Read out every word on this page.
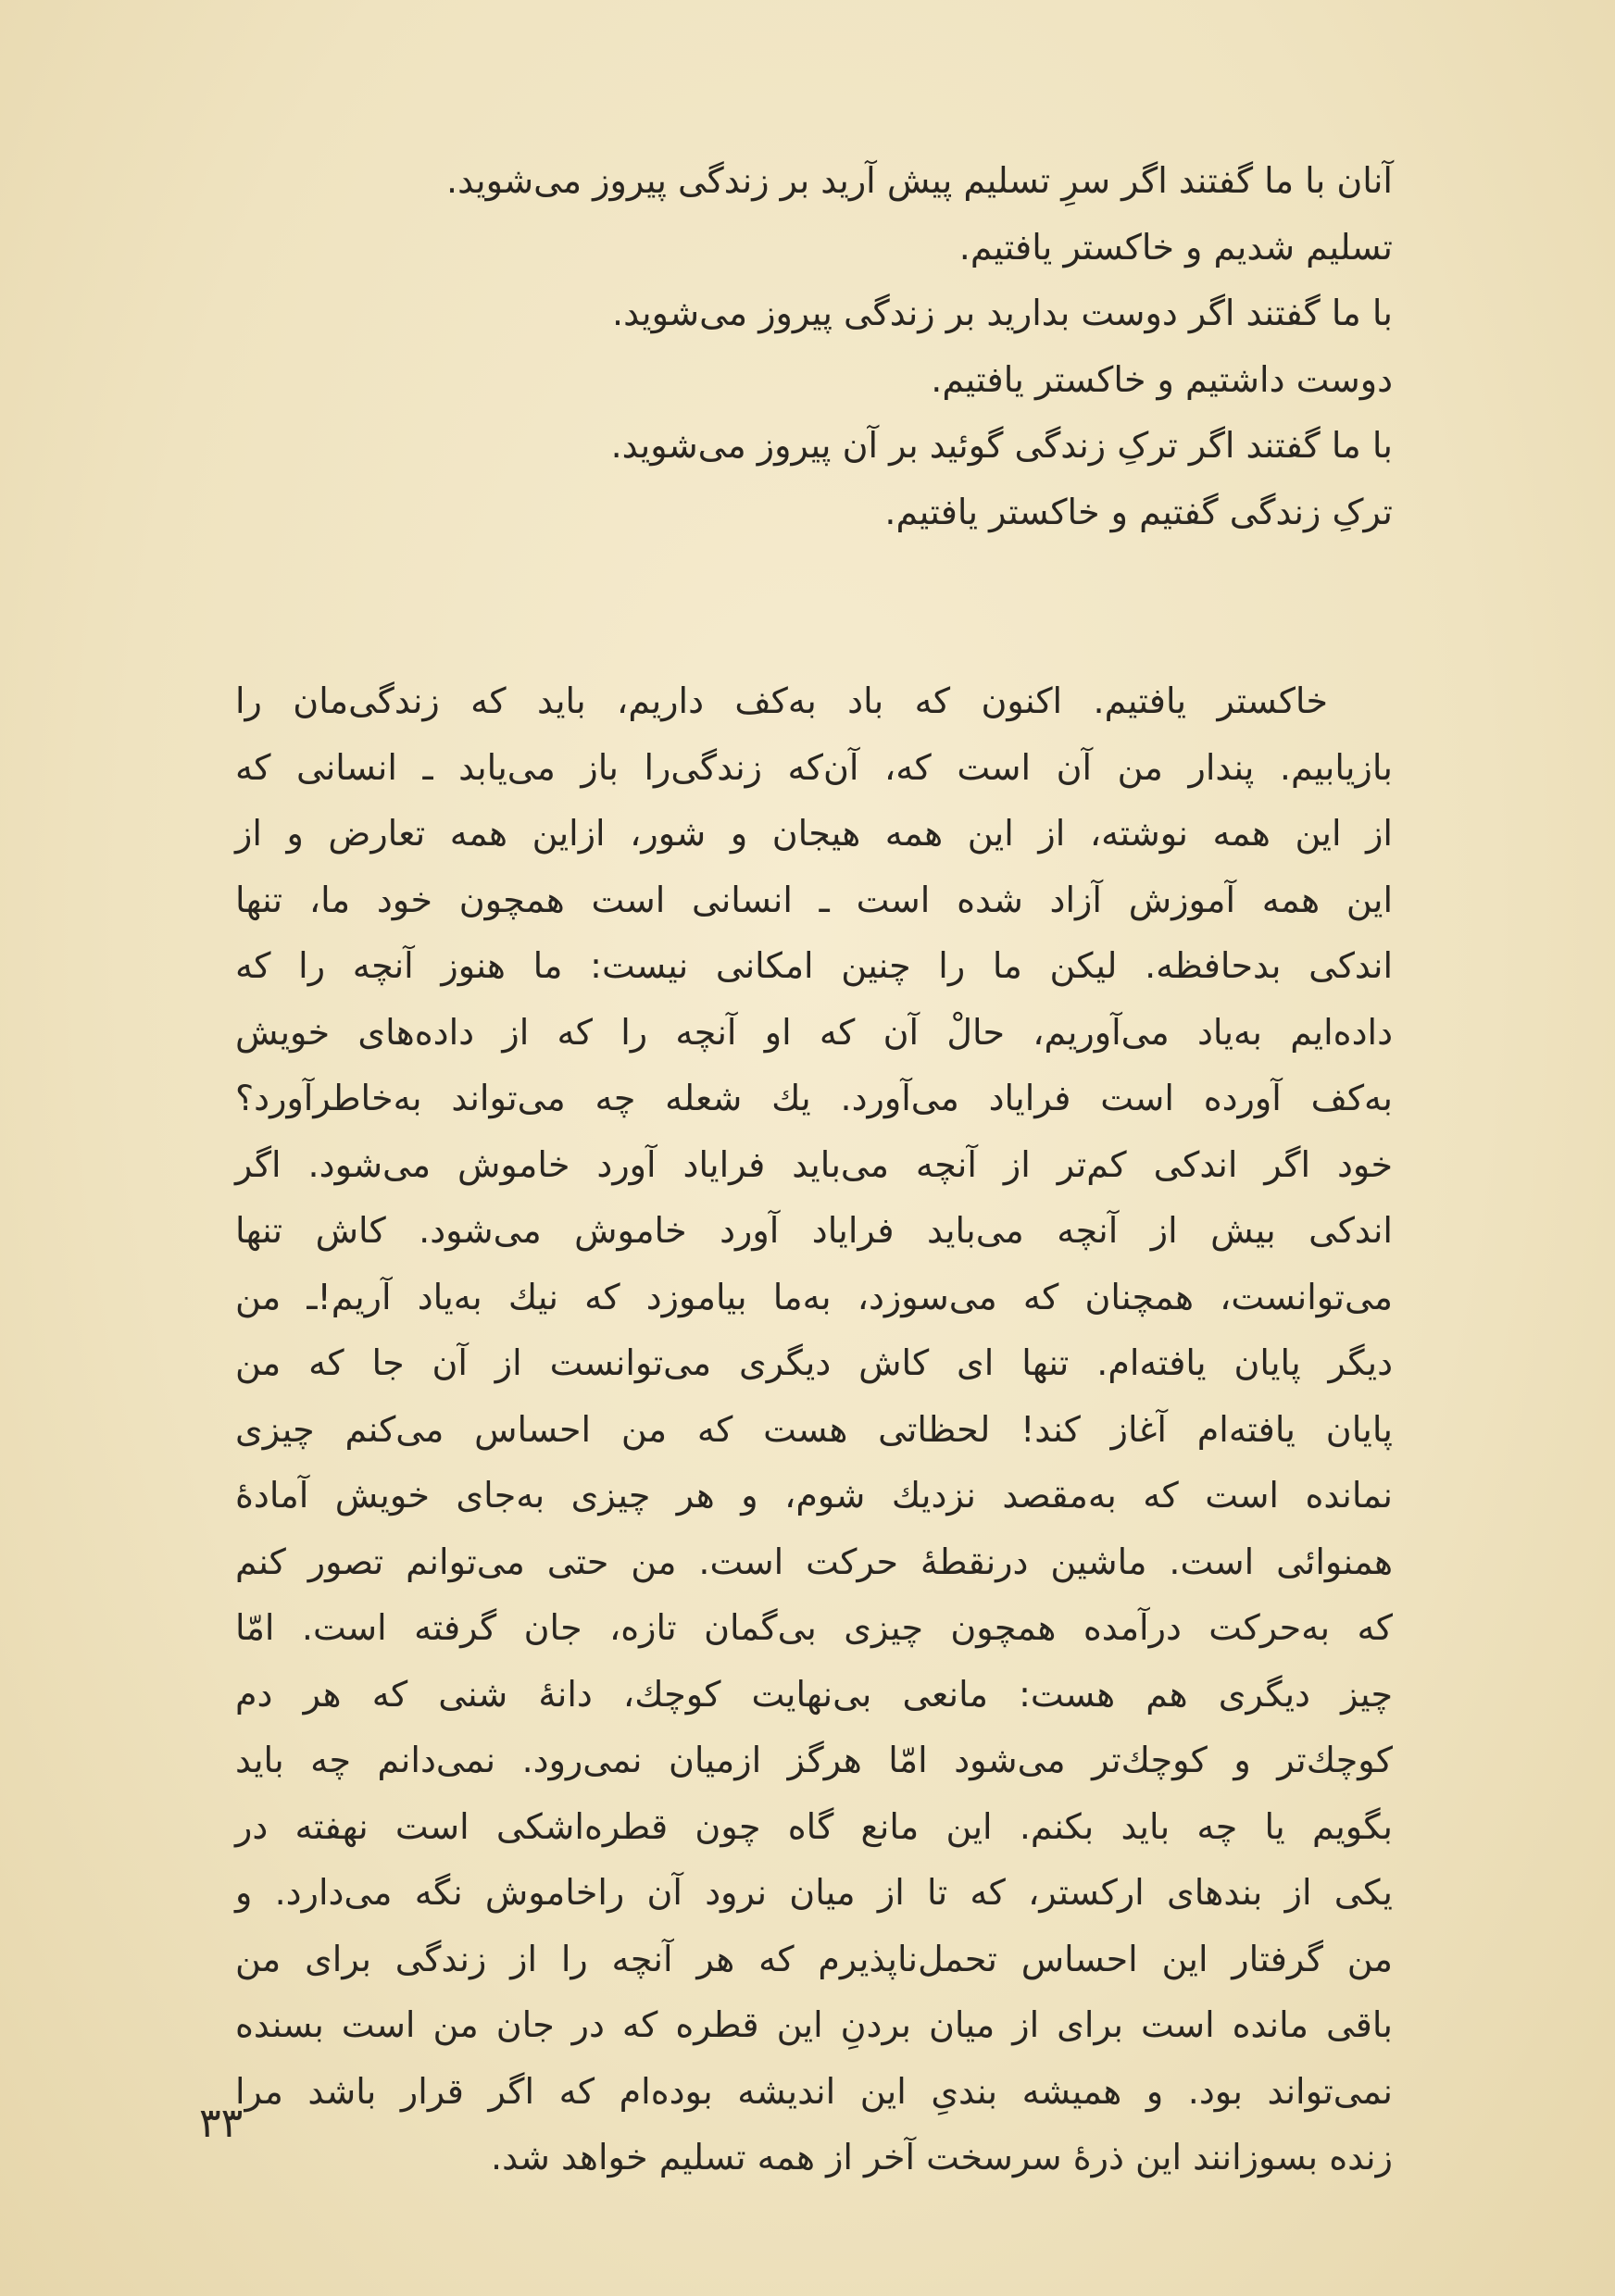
آنان با ما گفتند اگر سرِ تسلیم پیش آرید بر زندگی پیروز می‌شوید.
تسلیم شدیم و خاکستر یافتیم.
با ما گفتند اگر دوست بدارید بر زندگی پیروز می‌شوید.
دوست داشتیم و خاکستر یافتیم.
با ما گفتند اگر ترکِ زندگی گوئید بر آن پیروز می‌شوید.
ترکِ زندگی گفتیم و خاکستر یافتیم.
خاکستر یافتیم. اکنون که باد به‌کف داریم، باید که زندگی‌مان را
بازیابیم. پندار من آن است که، آن‌که زندگی‌را باز می‌یابد ـ انسانی که
از این همه نوشته، از این همه هیجان و شور، ازاین همه تعارض و از
این همه آموزش آزاد شده است ـ انسانی است همچون خود ما، تنها
اندکی بدحافظه. لیکن ما را چنین امکانی نیست: ما هنوز آنچه را که
داده‌ایم به‌یاد می‌آوریم، حالْ آن که او آنچه را که از داده‌های خویش
به‌کف آورده است فرایاد می‌آورد. یك شعله چه می‌تواند به‌خاطرآورد؟
خود اگر اندکی کم‌تر از آنچه می‌باید فرایاد آورد خاموش می‌شود. اگر
اندکی بیش از آنچه می‌باید فرایاد آورد خاموش می‌شود. کاش تنها
می‌توانست، همچنان که می‌سوزد، به‌ما بیاموزد که نیك به‌یاد آریم!ـ من
دیگر پایان یافته‌ام. تنها ای کاش دیگری می‌توانست از آن جا که من
پایان یافته‌ام آغاز کند! لحظاتی هست که من احساس می‌کنم چیزی
نمانده است که به‌مقصد نزدیك شوم، و هر چیزی به‌جای خویش آمادۀ
همنوائی است. ماشین درنقطۀ حرکت است. من حتی می‌توانم تصور کنم
که به‌حرکت درآمده همچون چیزی بی‌گمان تازه، جان گرفته است. امّا
چیز دیگری هم هست: مانعی بی‌نهایت کوچك، دانۀ شنی که هر دم
کوچك‌تر و کوچك‌تر می‌شود امّا هرگز ازمیان نمی‌رود. نمی‌دانم چه باید
بگویم یا چه باید بکنم. این مانع گاه چون قطره‌اشکی است نهفته در
یکی از بندهای ارکستر، که تا از میان نرود آن راخاموش نگه می‌دارد. و
من گرفتار این احساس تحمل‌ناپذیرم که هر آنچه را از زندگی برای من
باقی مانده است برای از میان بردنِ این قطره که در جان من است بسنده
نمی‌تواند بود. و همیشه بندیِ این اندیشه بوده‌ام که اگر قرار باشد مرا
زنده بسوزانند این ذرۀ سرسخت آخر از همه تسلیم خواهد شد.
۳۳
